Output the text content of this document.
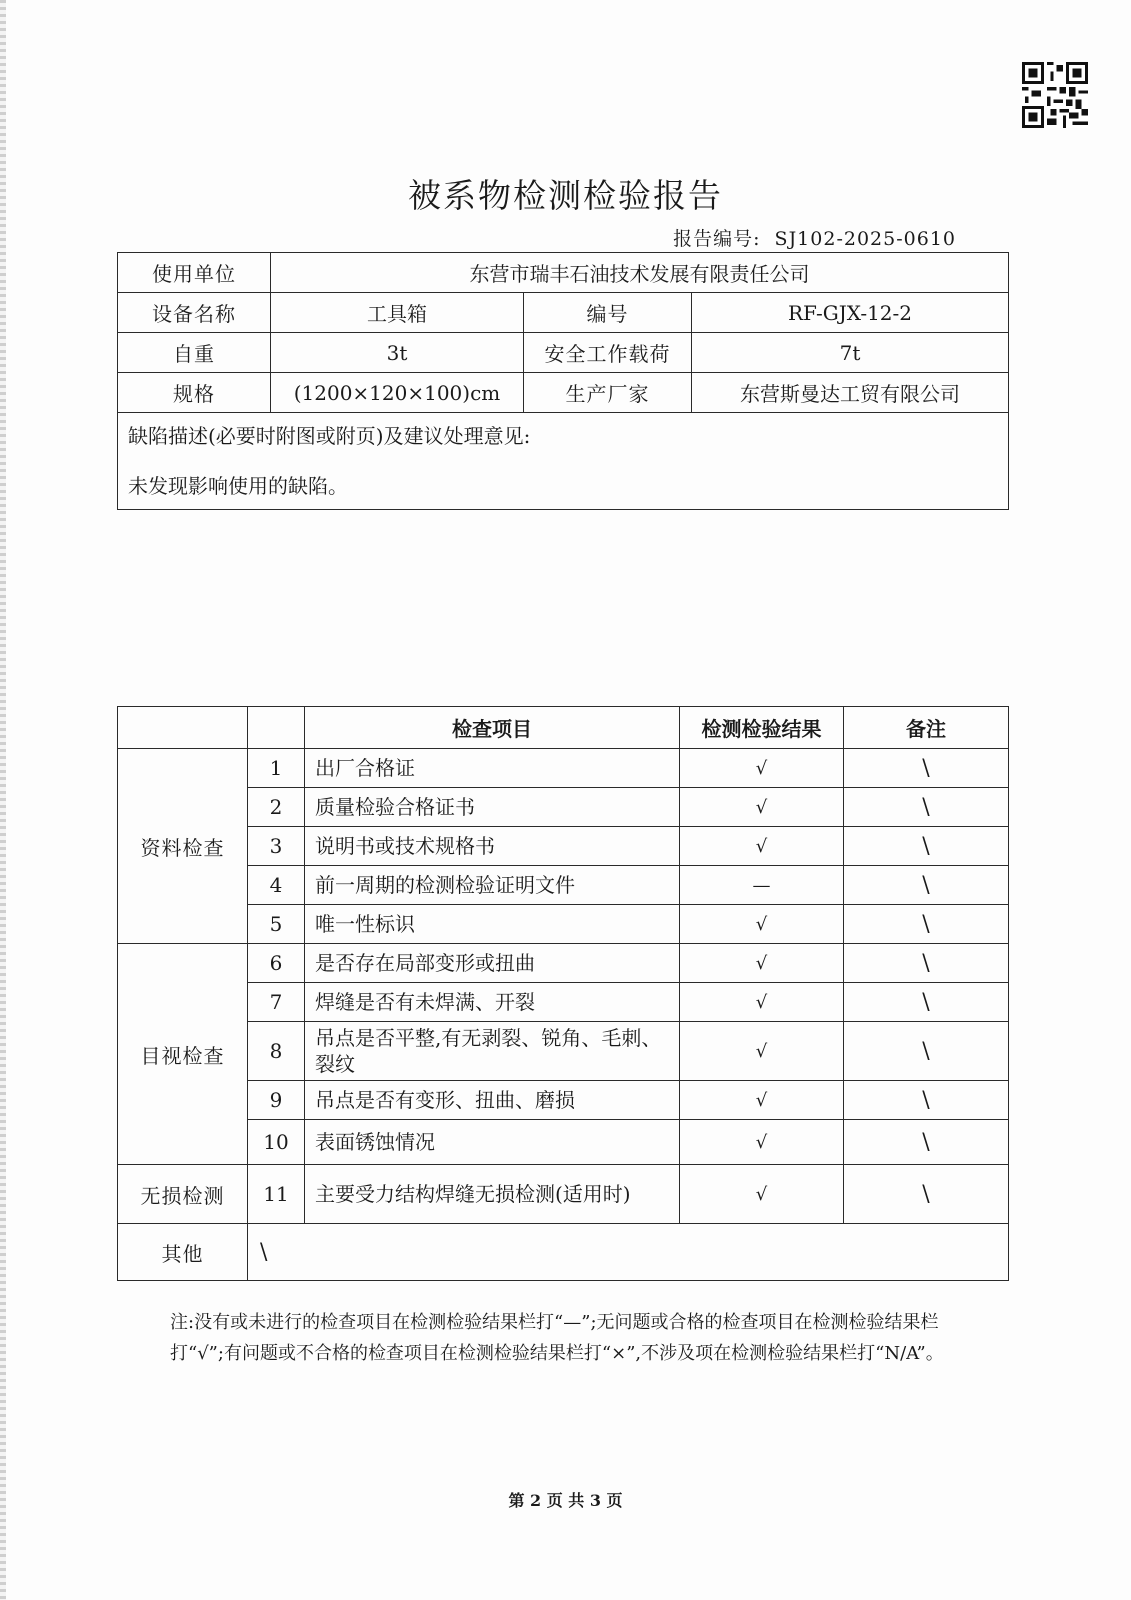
被系物检测检验报告
报告编号: SJ102-2025-0610
使用单位	东营市瑞丰石油技术发展有限责任公司		
设备名称	工具箱	编号	RF-GJX-12-2
自重	3t	安全工作载荷	7t
规格	(1200×120×100)cm	生产厂家	东营斯曼达工贸有限公司

缺陷描述(必要时附图或附页)及建议处理意见:
未发现影响使用的缺陷。			
		检查项目	检测检验结果	备注
资料检查	1	出厂合格证	√	\
	2	质量检验合格证书	√	\
	3	说明书或技术规格书	√	\
	4	前一周期的检测检验证明文件	—	\
	5	唯一性标识	√	\
目视检查	6	是否存在局部变形或扭曲	√	\
	7	焊缝是否有未焊满、开裂	√	\
	8	吊点是否平整,有无剥裂、锐角、毛刺、裂纹	√	\
	9	吊点是否有变形、扭曲、磨损	√	\
	10	表面锈蚀情况	√	\
无损检测	11	主要受力结构焊缝无损检测(适用时)	√	\
其他	\			
注:没有或未进行的检查项目在检测检验结果栏打“—”;无问题或合格的检查项目在检测检验结果栏打“√”;有问题或不合格的检查项目在检测检验结果栏打“×”,不涉及项在检测检验结果栏打“N/A”。
第 2 页 共 3 页
